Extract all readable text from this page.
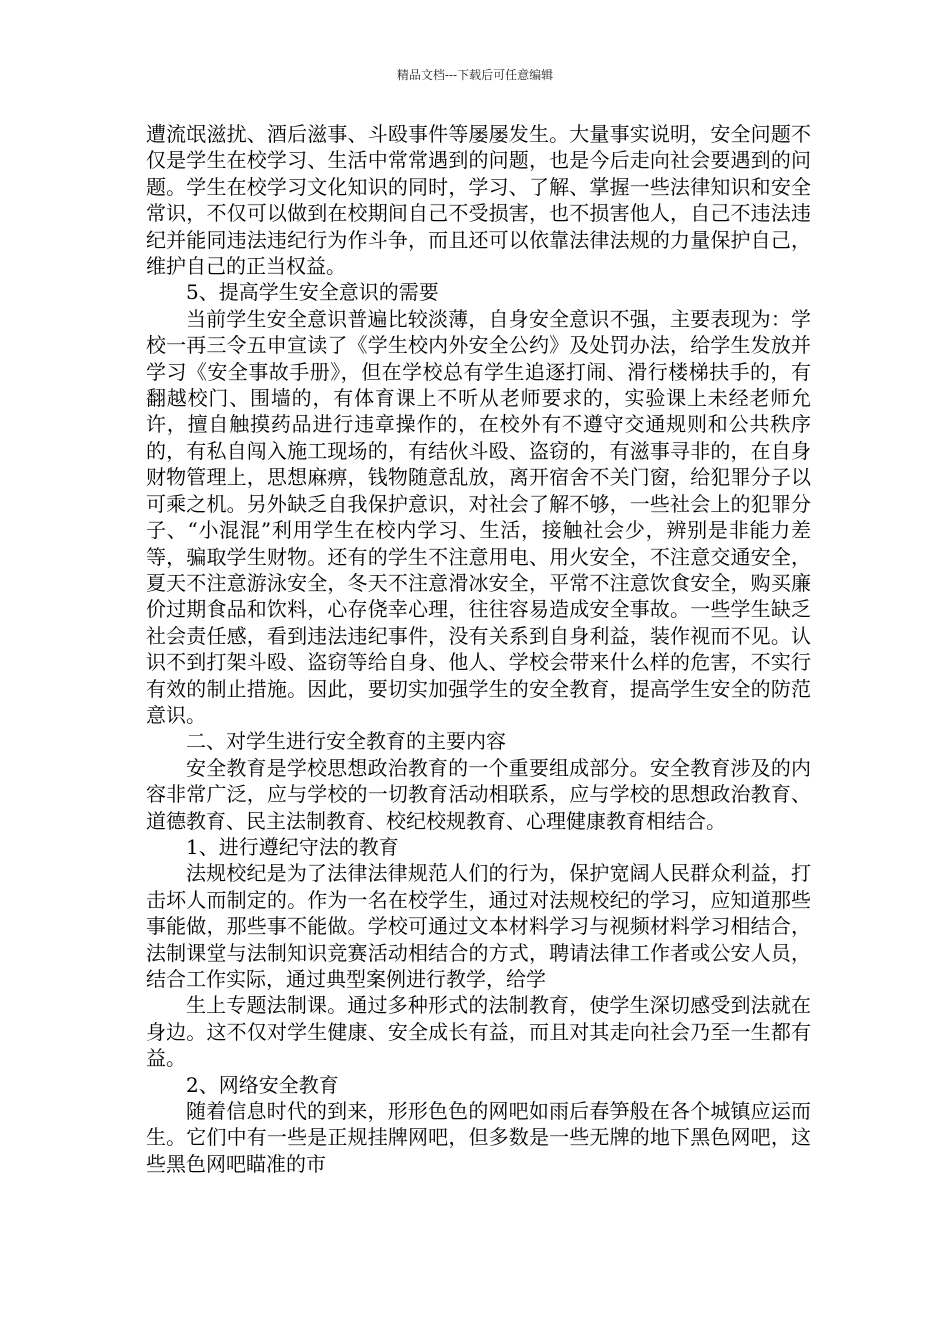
精品文档---下载后可任意编辑

遭流氓滋扰、酒后滋事、斗殴事件等屡屡发生。大量事实说明，安全问题不仅是学生在校学习、生活中常常遇到的问题，也是今后走向社会要遇到的问题。学生在校学习文化知识的同时，学习、了解、掌握一些法律知识和安全常识，不仅可以做到在校期间自己不受损害，也不损害他人，自己不违法违纪并能同违法违纪行为作斗争，而且还可以依靠法律法规的力量保护自己，维护自己的正当权益。

5、提高学生安全意识的需要

当前学生安全意识普遍比较淡薄，自身安全意识不强，主要表现为：学校一再三令五申宣读了《学生校内外安全公约》及处罚办法，给学生发放并学习《安全事故手册》，但在学校总有学生追逐打闹、滑行楼梯扶手的，有翻越校门、围墙的，有体育课上不听从老师要求的，实验课上未经老师允许，擅自触摸药品进行违章操作的，在校外有不遵守交通规则和公共秩序的，有私自闯入施工现场的，有结伙斗殴、盗窃的，有滋事寻非的，在自身财物管理上，思想麻痹，钱物随意乱放，离开宿舍不关门窗，给犯罪分子以可乘之机。另外缺乏自我保护意识，对社会了解不够，一些社会上的犯罪分子、“小混混”利用学生在校内学习、生活，接触社会少，辨别是非能力差等，骗取学生财物。还有的学生不注意用电、用火安全，不注意交通安全，夏天不注意游泳安全，冬天不注意滑冰安全，平常不注意饮食安全，购买廉价过期食品和饮料，心存侥幸心理，往往容易造成安全事故。一些学生缺乏社会责任感，看到违法违纪事件，没有关系到自身利益，装作视而不见。认识不到打架斗殴、盗窃等给自身、他人、学校会带来什么样的危害，不实行有效的制止措施。因此，要切实加强学生的安全教育，提高学生安全的防范意识。

二、对学生进行安全教育的主要内容

安全教育是学校思想政治教育的一个重要组成部分。安全教育涉及的内容非常广泛，应与学校的一切教育活动相联系，应与学校的思想政治教育、道德教育、民主法制教育、校纪校规教育、心理健康教育相结合。

1、进行遵纪守法的教育

法规校纪是为了法律法律规范人们的行为，保护宽阔人民群众利益，打击坏人而制定的。作为一名在校学生，通过对法规校纪的学习，应知道那些事能做，那些事不能做。学校可通过文本材料学习与视频材料学习相结合，法制课堂与法制知识竞赛活动相结合的方式，聘请法律工作者或公安人员，结合工作实际，通过典型案例进行教学，给学

生上专题法制课。通过多种形式的法制教育，使学生深切感受到法就在身边。这不仅对学生健康、安全成长有益，而且对其走向社会乃至一生都有益。

2、网络安全教育

随着信息时代的到来，形形色色的网吧如雨后春笋般在各个城镇应运而生。它们中有一些是正规挂牌网吧，但多数是一些无牌的地下黑色网吧，这些黑色网吧瞄准的市
